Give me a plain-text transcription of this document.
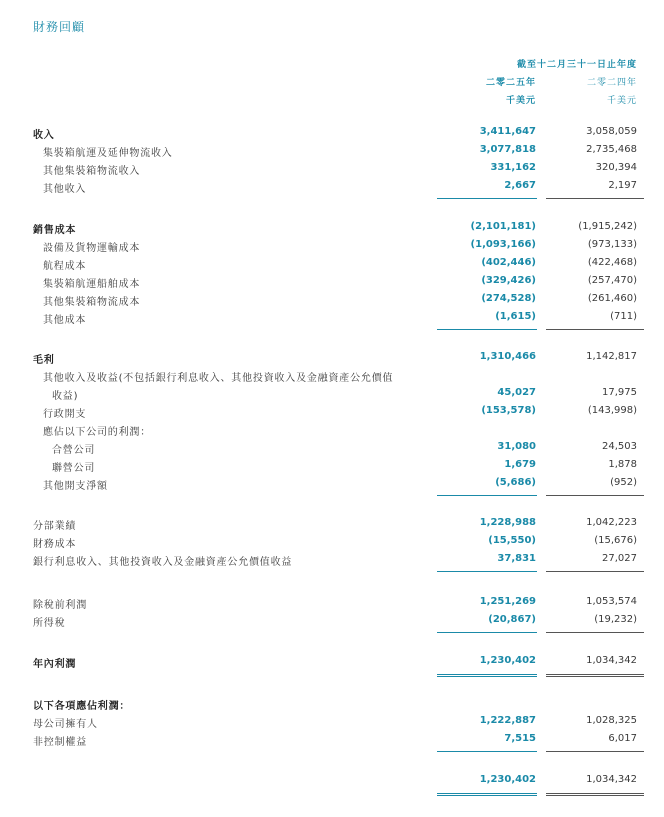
財務回顧
截至十二月三十一日止年度
二零二五年	二零二四年
千美元	千美元
收入	3,411,647	3,058,059
集裝箱航運及延伸物流收入	3,077,818	2,735,468
其他集裝箱物流收入	331,162	320,394
其他收入	2,667	2,197
銷售成本	(2,101,181)	(1,915,242)
設備及貨物運輸成本	(1,093,166)	(973,133)
航程成本	(402,446)	(422,468)
集裝箱航運船舶成本	(329,426)	(257,470)
其他集裝箱物流成本	(274,528)	(261,460)
其他成本	(1,615)	(711)
毛利	1,310,466	1,142,817
其他收入及收益(不包括銀行利息收入、其他投資收入及金融資產公允價值
收益)	45,027	17,975
行政開支	(153,578)	(143,998)
應佔以下公司的利潤：
合營公司	31,080	24,503
聯營公司	1,679	1,878
其他開支淨額	(5,686)	(952)
分部業績	1,228,988	1,042,223
財務成本	(15,550)	(15,676)
銀行利息收入、其他投資收入及金融資產公允價值收益	37,831	27,027
除稅前利潤	1,251,269	1,053,574
所得稅	(20,867)	(19,232)
年內利潤	1,230,402	1,034,342
以下各項應佔利潤：
母公司擁有人	1,222,887	1,028,325
非控制權益	7,515	6,017
1,230,402	1,034,342
